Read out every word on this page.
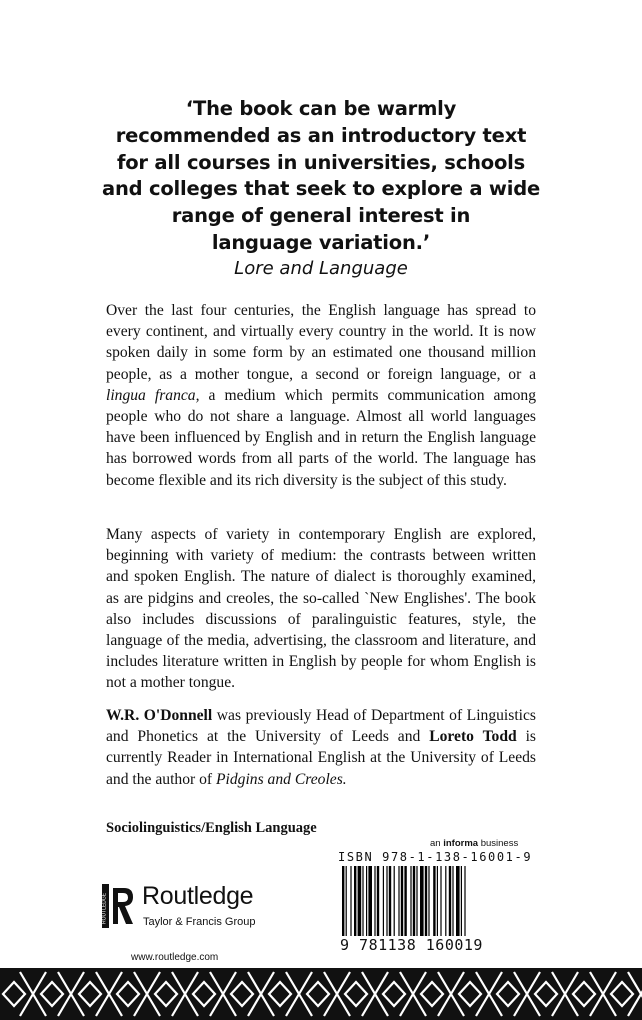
‘The book can be warmly
recommended as an introductory text
for all courses in universities, schools
and colleges that seek to explore a wide
range of general interest in
language variation.’
Lore and Language

Over the last four centuries, the English language has spread to every continent, and virtually every country in the world. It is now spoken daily in some form by an estimated one thousand million people, as a mother tongue, a second or foreign language, or a lingua franca, a medium which permits communication among people who do not share a language. Almost all world languages have been influenced by English and in return the English language has borrowed words from all parts of the world. The language has become flexible and its rich diversity is the subject of this study.

Many aspects of variety in contemporary English are explored, beginning with variety of medium: the contrasts between written and spoken English. The nature of dialect is thoroughly examined, as are pidgins and creoles, the so-called `New Englishes'. The book also includes discussions of paralinguistic features, style, the language of the media, advertising, the classroom and literature, and includes literature written in English by people for whom English is not a mother tongue.

W.R. O'Donnell was previously Head of Department of Linguistics and Phonetics at the University of Leeds and Loreto Todd is currently Reader in International English at the University of Leeds and the author of Pidgins and Creoles.

Sociolinguistics/English Language
an informa business
ISBN 978-1-138-16001-9
9 781138 160019
ROUTLEDGE Routledge
Taylor & Francis Group
www.routledge.com
